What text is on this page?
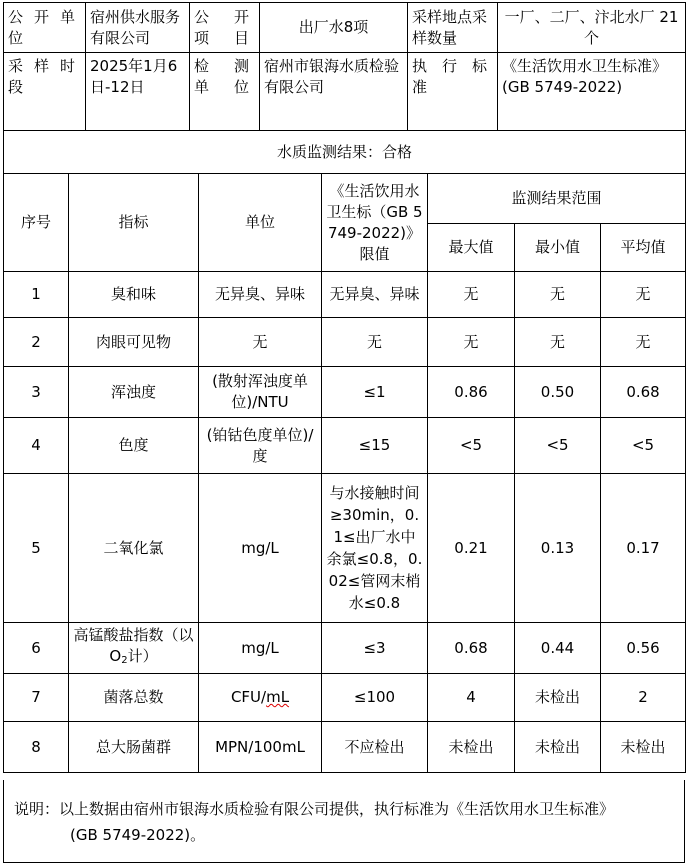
公开单位	宿州供水服务有限公司	公开项目	出厂水8项	采样地点采样数量	一厂、二厂、汴北水厂 21个
采样时段	2025年1月6日-12日	检测单位	宿州市银海水质检验有限公司	执行标准	《生活饮用水卫生标准》(GB 5749-2022)
水质监测结果：合格						
序号	指标	单位	《生活饮用水卫生标（GB 5749-2022)》限值	监测结果范围		
				最大值	最小值	平均值
1	臭和味	无异臭、异味	无异臭、异味	无	无	无
2	肉眼可见物	无	无	无	无	无
3	浑浊度	(散射浑浊度单位)/NTU	≤1	0.86	0.50	0.68
4	色度	(铂钴色度单位)/度	≤15	<5	<5	<5
5	二氧化氯	mg/L	与水接触时间≥30min，0.1≤出厂水中余氯≤0.8，0.02≤管网末梢水≤0.8	0.21	0.13	0.17
6	高锰酸盐指数（以$O_2$计）	mg/L	≤3	0.68	0.44	0.56
7	菌落总数	CFU/mL	≤100	4	未检出	2
8	总大肠菌群	MPN/100mL	不应检出	未检出	未检出	未检出
说明：以上数据由宿州市银海水质检验有限公司提供，执行标准为《生活饮用水卫生标准》
(GB 5749-2022)。
